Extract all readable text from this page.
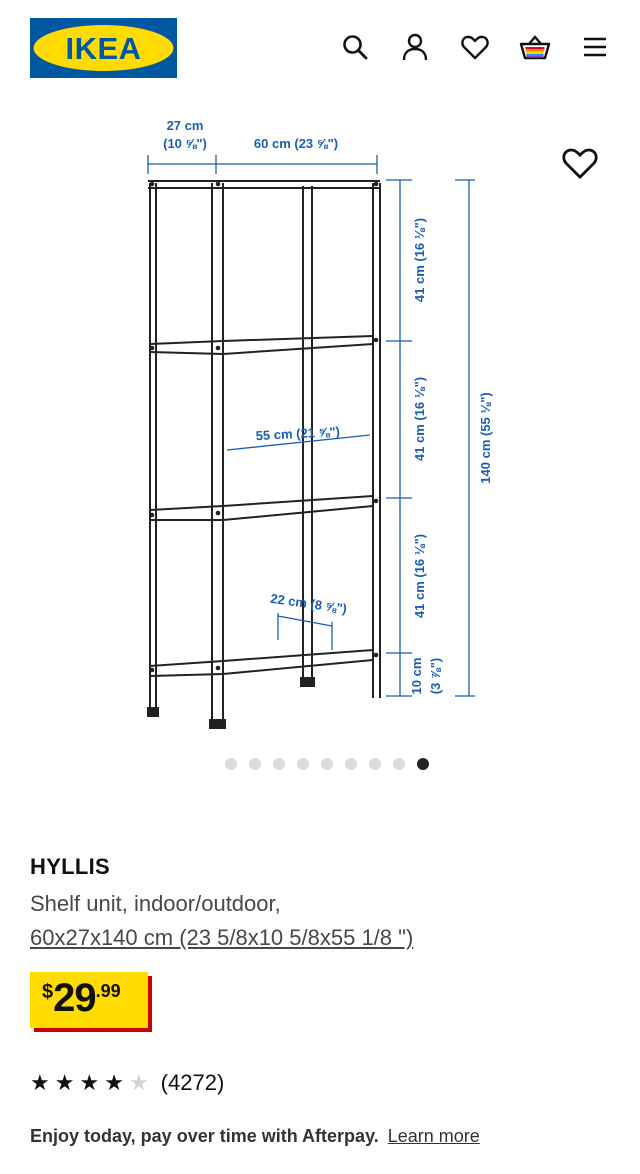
IKEA
27 cm
(10 ⅝")	60 cm (23 ⅝")
55 cm (21 ⅝")
22 cm (8 ⅝")
41 cm (16 ⅛")
41 cm (16 ⅛")
41 cm (16 ⅛")
10 cm (3 ⅞")
140 cm (55 ⅛")
HYLLIS
Shelf unit, indoor/outdoor,
60x27x140 cm (23 5/8x10 5/8x55 1/8 ")
$ 29 .99
★ ★ ★ ★ ★ (4272)
Enjoy today, pay over time with Afterpay. Learn more
